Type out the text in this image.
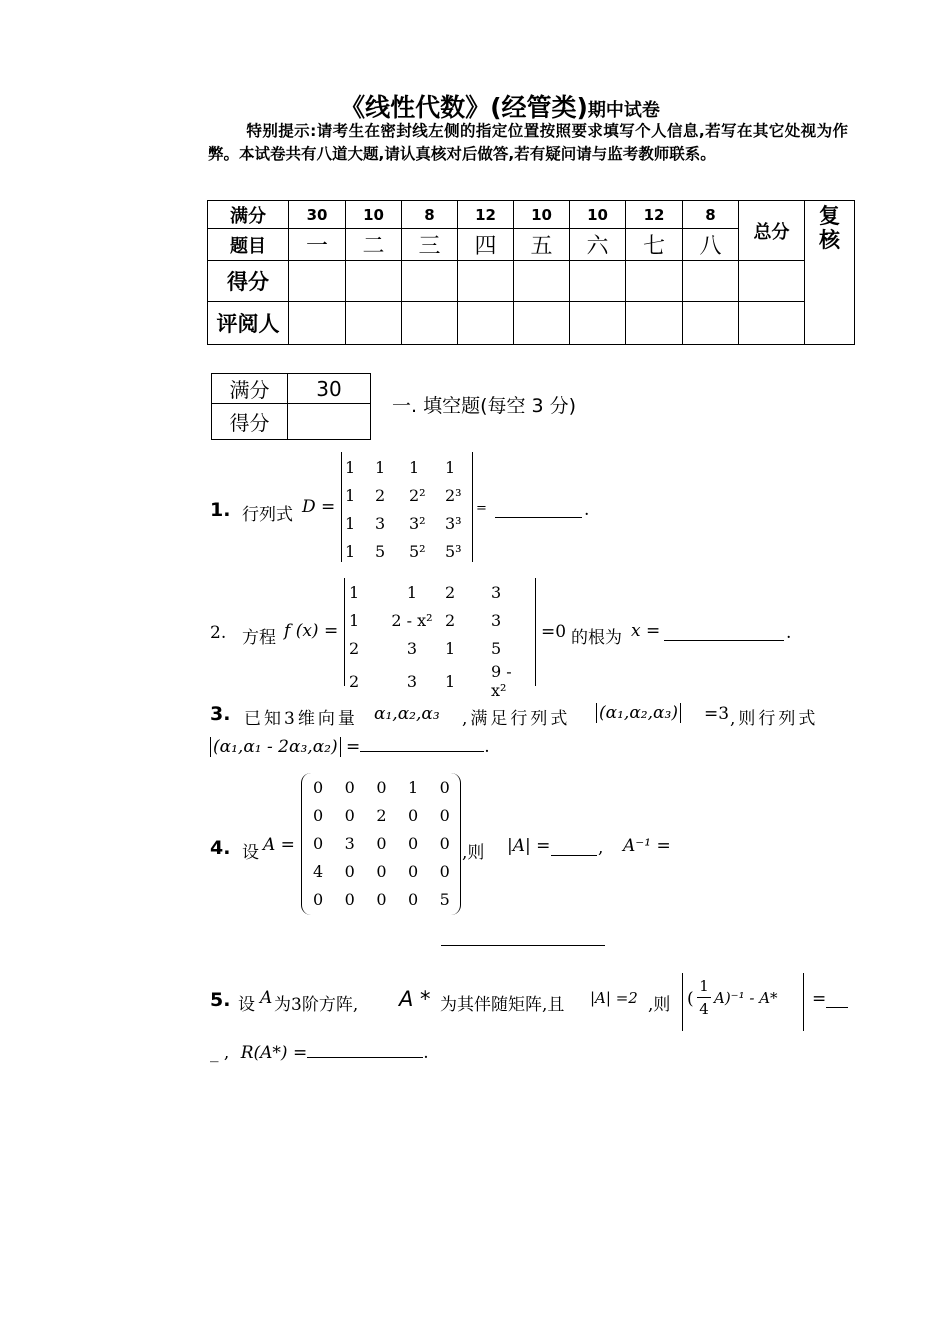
《线性代数》(经管类)期中试卷
特别提示:请考生在密封线左侧的指定位置按照要求填写个人信息,若写在其它处视为作弊。本试卷共有八道大题,请认真核对后做答,若有疑问请与监考教师联系。
满分	30	10	8	12	10	10	12	8	总分	复
核

题目	一	二	三	四	五	六	七	八		
得分										
评阅人										
满分	30
得分	
一. 填空题(每空 3 分)
1. 行列式 D =
1	1	1	1
1	2	2²	2³
1	3	3²	3³
1	5	5²	5³
=	.
2. 方程 f (x) =
1	1	2	3
1	2 - x²	2	3
2	3	1	5
2	3	1	9 - x²
=0 的根为 x =	.
3. 已知3维向量 α₁,α₂,α₃ ,满足行列式 (α₁,α₂,α₃) =3 ,则行列式
(α₁,α₁ - 2α₃,α₂) =	.
4. 设 A =
0	0	0	1	0
0	0	2	0	0
0	3	0	0	0
4	0	0	0	0
0	0	0	0	5
,则 |A| =	, A⁻¹ =
5. 设 A 为3阶方阵, A * 为其伴随矩阵,且 |A| =2 ,则 (
1
4
A)⁻¹ - A* =
_ , R(A*) =	.
